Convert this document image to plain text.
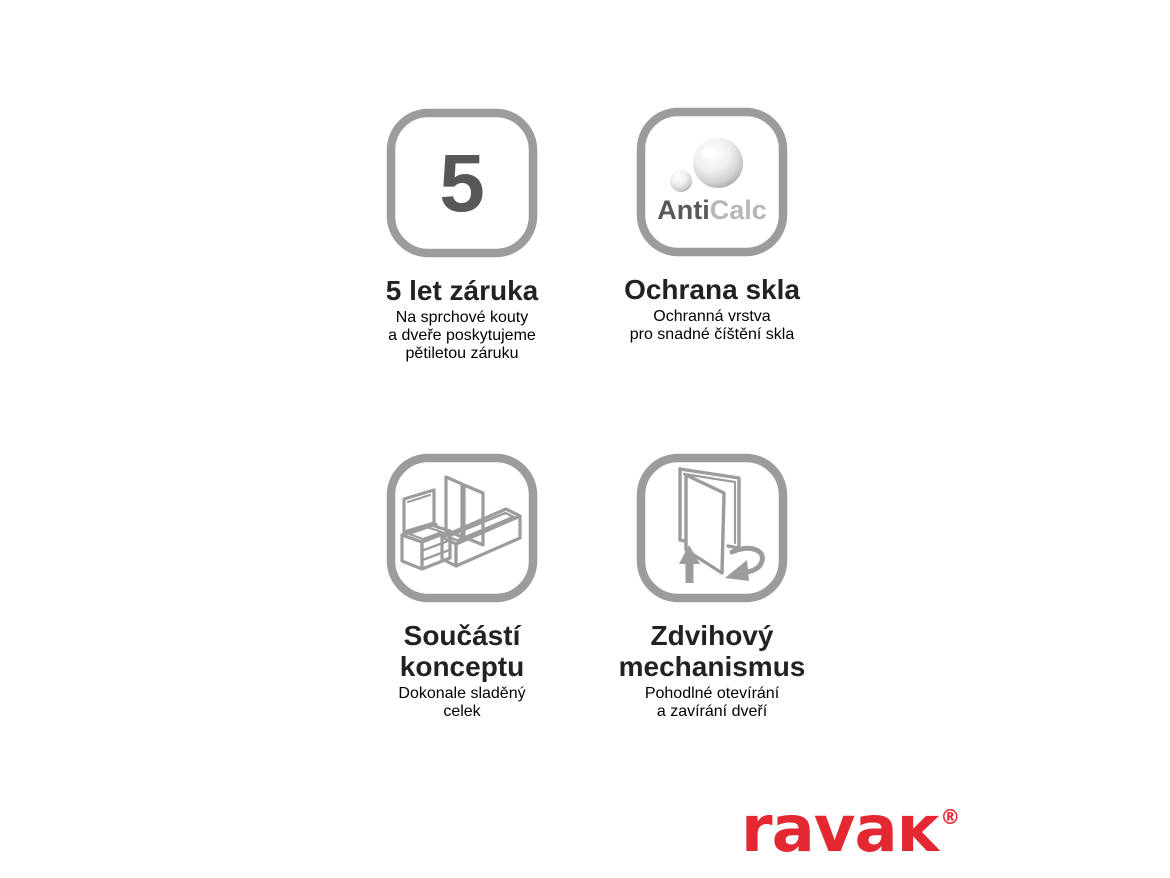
5
5 let záruka

Na sprchové kouty
a dveře poskytujeme
pětiletou záruku

AntiCalc
Ochrana skla

Ochranná vrstva
pro snadné číštění skla

Součástí
konceptu

Dokonale sladěný
celek

Zdvihový
mechanismus

Pohodlné otevírání
a zavírání dveří

ravaĸ ®
